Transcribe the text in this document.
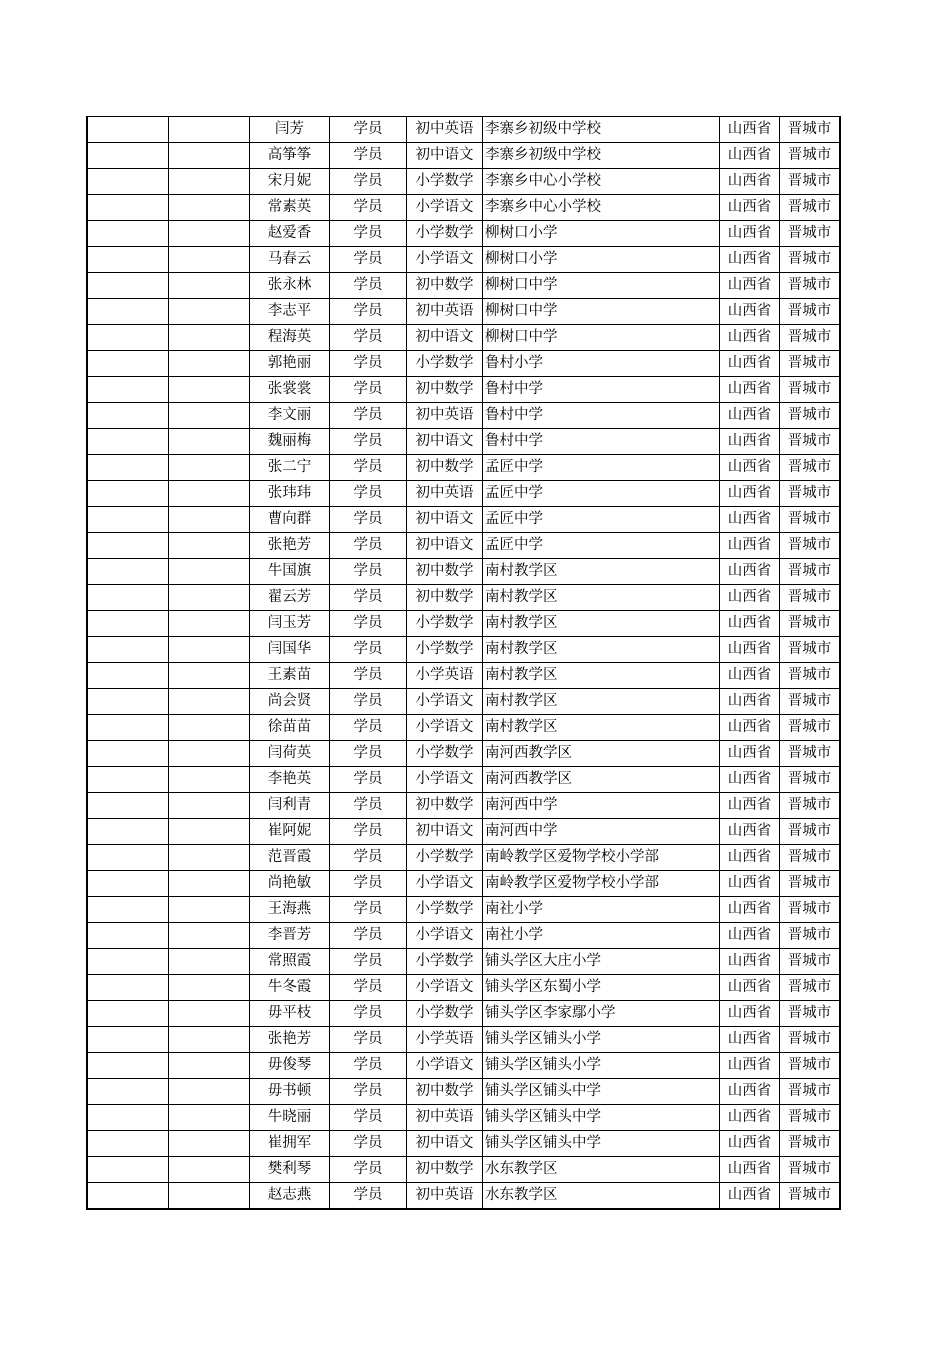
		闫芳	学员	初中英语	李寨乡初级中学校	山西省	晋城市
		高筝筝	学员	初中语文	李寨乡初级中学校	山西省	晋城市
		宋月妮	学员	小学数学	李寨乡中心小学校	山西省	晋城市
		常素英	学员	小学语文	李寨乡中心小学校	山西省	晋城市
		赵爱香	学员	小学数学	柳树口小学	山西省	晋城市
		马春云	学员	小学语文	柳树口小学	山西省	晋城市
		张永林	学员	初中数学	柳树口中学	山西省	晋城市
		李志平	学员	初中英语	柳树口中学	山西省	晋城市
		程海英	学员	初中语文	柳树口中学	山西省	晋城市
		郭艳丽	学员	小学数学	鲁村小学	山西省	晋城市
		张裳裳	学员	初中数学	鲁村中学	山西省	晋城市
		李文丽	学员	初中英语	鲁村中学	山西省	晋城市
		魏丽梅	学员	初中语文	鲁村中学	山西省	晋城市
		张二宁	学员	初中数学	孟匠中学	山西省	晋城市
		张玮玮	学员	初中英语	孟匠中学	山西省	晋城市
		曹向群	学员	初中语文	孟匠中学	山西省	晋城市
		张艳芳	学员	初中语文	孟匠中学	山西省	晋城市
		牛国旗	学员	初中数学	南村教学区	山西省	晋城市
		翟云芳	学员	初中数学	南村教学区	山西省	晋城市
		闫玉芳	学员	小学数学	南村教学区	山西省	晋城市
		闫国华	学员	小学数学	南村教学区	山西省	晋城市
		王素苗	学员	小学英语	南村教学区	山西省	晋城市
		尚会贤	学员	小学语文	南村教学区	山西省	晋城市
		徐苗苗	学员	小学语文	南村教学区	山西省	晋城市
		闫荷英	学员	小学数学	南河西教学区	山西省	晋城市
		李艳英	学员	小学语文	南河西教学区	山西省	晋城市
		闫利青	学员	初中数学	南河西中学	山西省	晋城市
		崔阿妮	学员	初中语文	南河西中学	山西省	晋城市
		范晋霞	学员	小学数学	南岭教学区爱物学校小学部	山西省	晋城市
		尚艳敏	学员	小学语文	南岭教学区爱物学校小学部	山西省	晋城市
		王海燕	学员	小学数学	南社小学	山西省	晋城市
		李晋芳	学员	小学语文	南社小学	山西省	晋城市
		常照霞	学员	小学数学	铺头学区大庄小学	山西省	晋城市
		牛冬霞	学员	小学语文	铺头学区东蜀小学	山西省	晋城市
		毋平枝	学员	小学数学	铺头学区李家鄢小学	山西省	晋城市
		张艳芳	学员	小学英语	铺头学区铺头小学	山西省	晋城市
		毋俊琴	学员	小学语文	铺头学区铺头小学	山西省	晋城市
		毋书顿	学员	初中数学	铺头学区铺头中学	山西省	晋城市
		牛晓丽	学员	初中英语	铺头学区铺头中学	山西省	晋城市
		崔拥军	学员	初中语文	铺头学区铺头中学	山西省	晋城市
		樊利琴	学员	初中数学	水东教学区	山西省	晋城市
		赵志燕	学员	初中英语	水东教学区	山西省	晋城市
